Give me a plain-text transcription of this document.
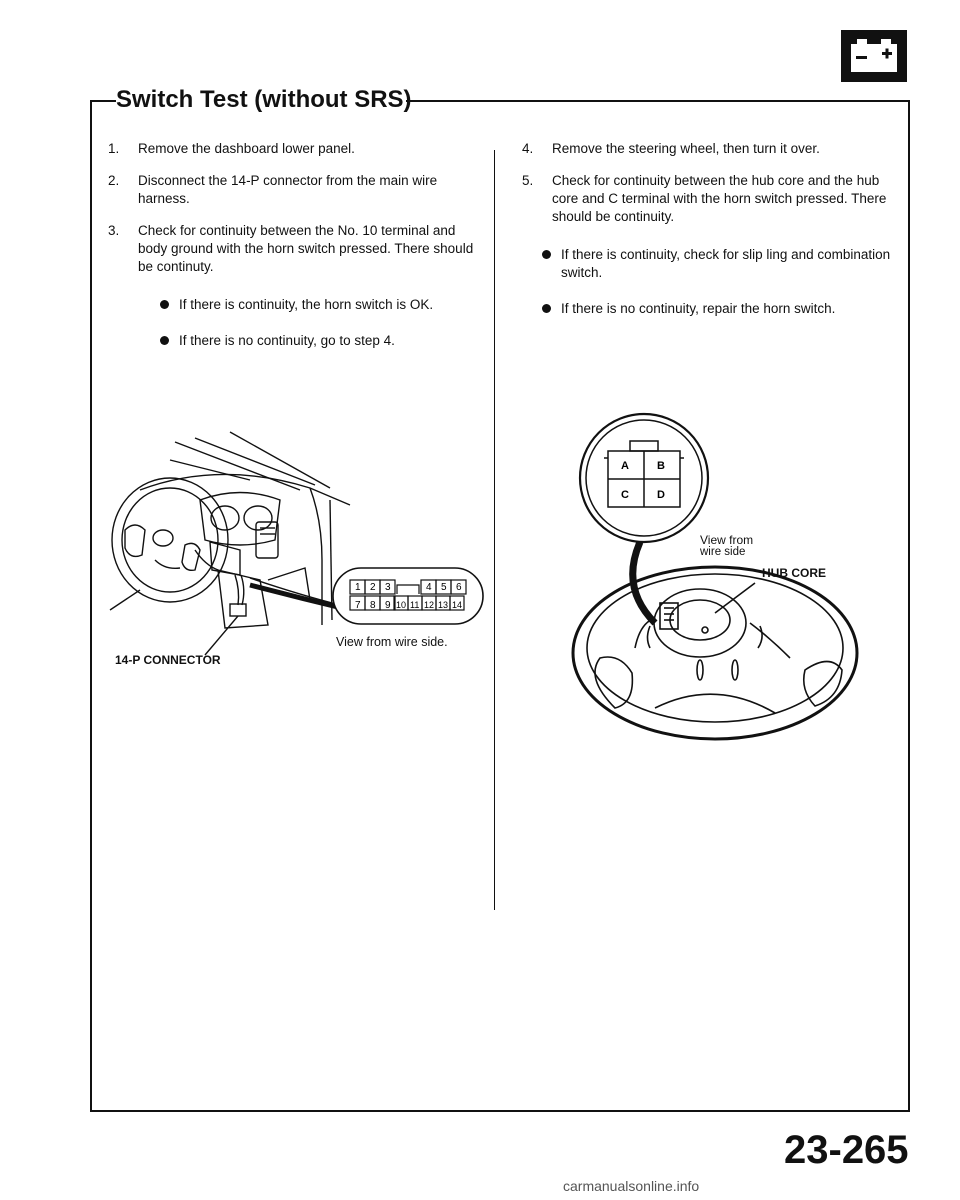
Switch Test (without SRS)
1.	Remove the dashboard lower panel.
2.	Disconnect the 14-P connector from the main wire harness.
3.	Check for continuity between the No. 10 terminal and body ground with the horn switch pressed. There should be continuty.
If there is continuity, the horn switch is OK.
If there is no continuity, go to step 4.
4.	Remove the steering wheel, then turn it over.
5.	Check for continuity between the hub core and the hub core and C terminal with the horn switch pressed. There should be continuity.
If there is continuity, check for slip ling and combination switch.
If there is no continuity, repair the horn switch.
1 2 3	4 5 6
7 8 9 10 11 12 13 14
View from wire side.
14-P CONNECTOR
A	B
C	D
View from
wire side
HUB CORE
23-265
carmanualsonline.info
